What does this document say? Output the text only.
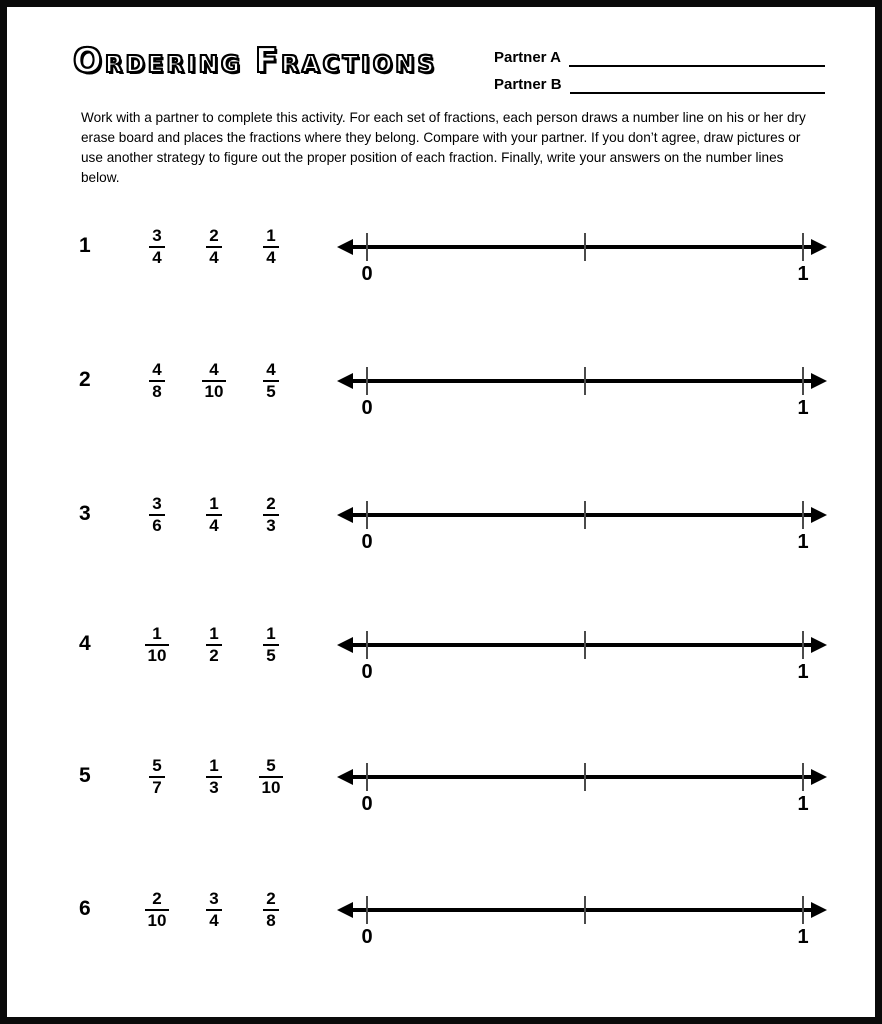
ORDERING FRACTIONS	Partner A
Partner B

Work with a partner to complete this activity. For each set of fractions, each person draws a number line on his or her dry erase board and places the fractions where they belong. Compare with your partner. If you don’t agree, draw pictures or use another strategy to figure out the proper position of each fraction. Finally, write your answers on the number lines below.

1	$\frac{3}{4} \frac{2}{4} \frac{1}{4}$
0	1
2	$\frac{4}{8} \frac{4}{10} \frac{4}{5}$
0	1
3	$\frac{3}{6} \frac{1}{4} \frac{2}{3}$
0	1
4	$\frac{1}{10} \frac{1}{2} \frac{1}{5}$
0	1
5	$\frac{5}{7} \frac{1}{3} \frac{5}{10}$
0	1
6	$\frac{2}{10} \frac{3}{4} \frac{2}{8}$
0	1
